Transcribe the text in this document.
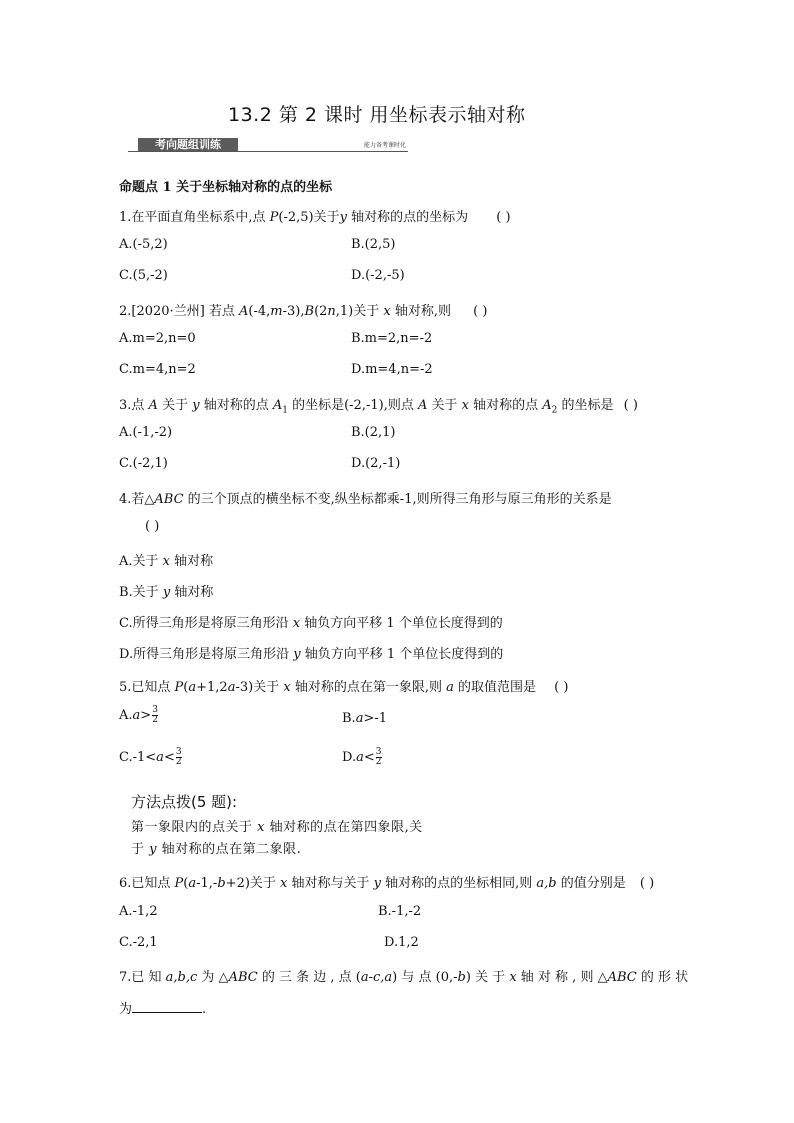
13.2 第 2 课时 用坐标表示轴对称
考向题组训练	能力备考课时化
命题点 1 关于坐标轴对称的点的坐标
1.在平面直角坐标系中,点 P(-2,5)关于y 轴对称的点的坐标为 ( )
A.(-5,2)	B.(2,5)
C.(5,-2)	D.(-2,-5)
2.[2020·兰州] 若点 A(-4,m-3),B(2n,1)关于 x 轴对称,则 ( )
A.m=2,n=0	B.m=2,n=-2
C.m=4,n=2	D.m=4,n=-2
3.点 A 关于 y 轴对称的点 $A_1$ 的坐标是(-2,-1),则点 A 关于 x 轴对称的点 $A_2$ 的坐标是 ( )
A.(-1,-2)	B.(2,1)
C.(-2,1)	D.(2,-1)
4.若△ABC 的三个顶点的横坐标不变,纵坐标都乘-1,则所得三角形与原三角形的关系是
( )
A.关于 x 轴对称
B.关于 y 轴对称
C.所得三角形是将原三角形沿 x 轴负方向平移 1 个单位长度得到的
D.所得三角形是将原三角形沿 y 轴负方向平移 1 个单位长度得到的
5.已知点 P(a+1,2a-3)关于 x 轴对称的点在第一象限,则 a 的取值范围是 ( )
$A.a> \frac{3}{2}$	B.a>-1
$C.-1<a< \frac{3}{2}$	$D.a< \frac{3}{2}$
方法点拨(5 题):
第一象限内的点关于 x 轴对称的点在第四象限,关
于 y 轴对称的点在第二象限.
6.已知点 P(a-1,-b+2)关于 x 轴对称与关于 y 轴对称的点的坐标相同,则 a,b 的值分别是 ( )
A.-1,2	B.-1,-2
C.-2,1	D.1,2
7.已 知 a,b,c 为 △ABC 的 三 条 边 , 点 (a-c,a) 与 点 (0,-b) 关 于 x 轴 对 称 , 则 △ABC 的 形 状
为	.
